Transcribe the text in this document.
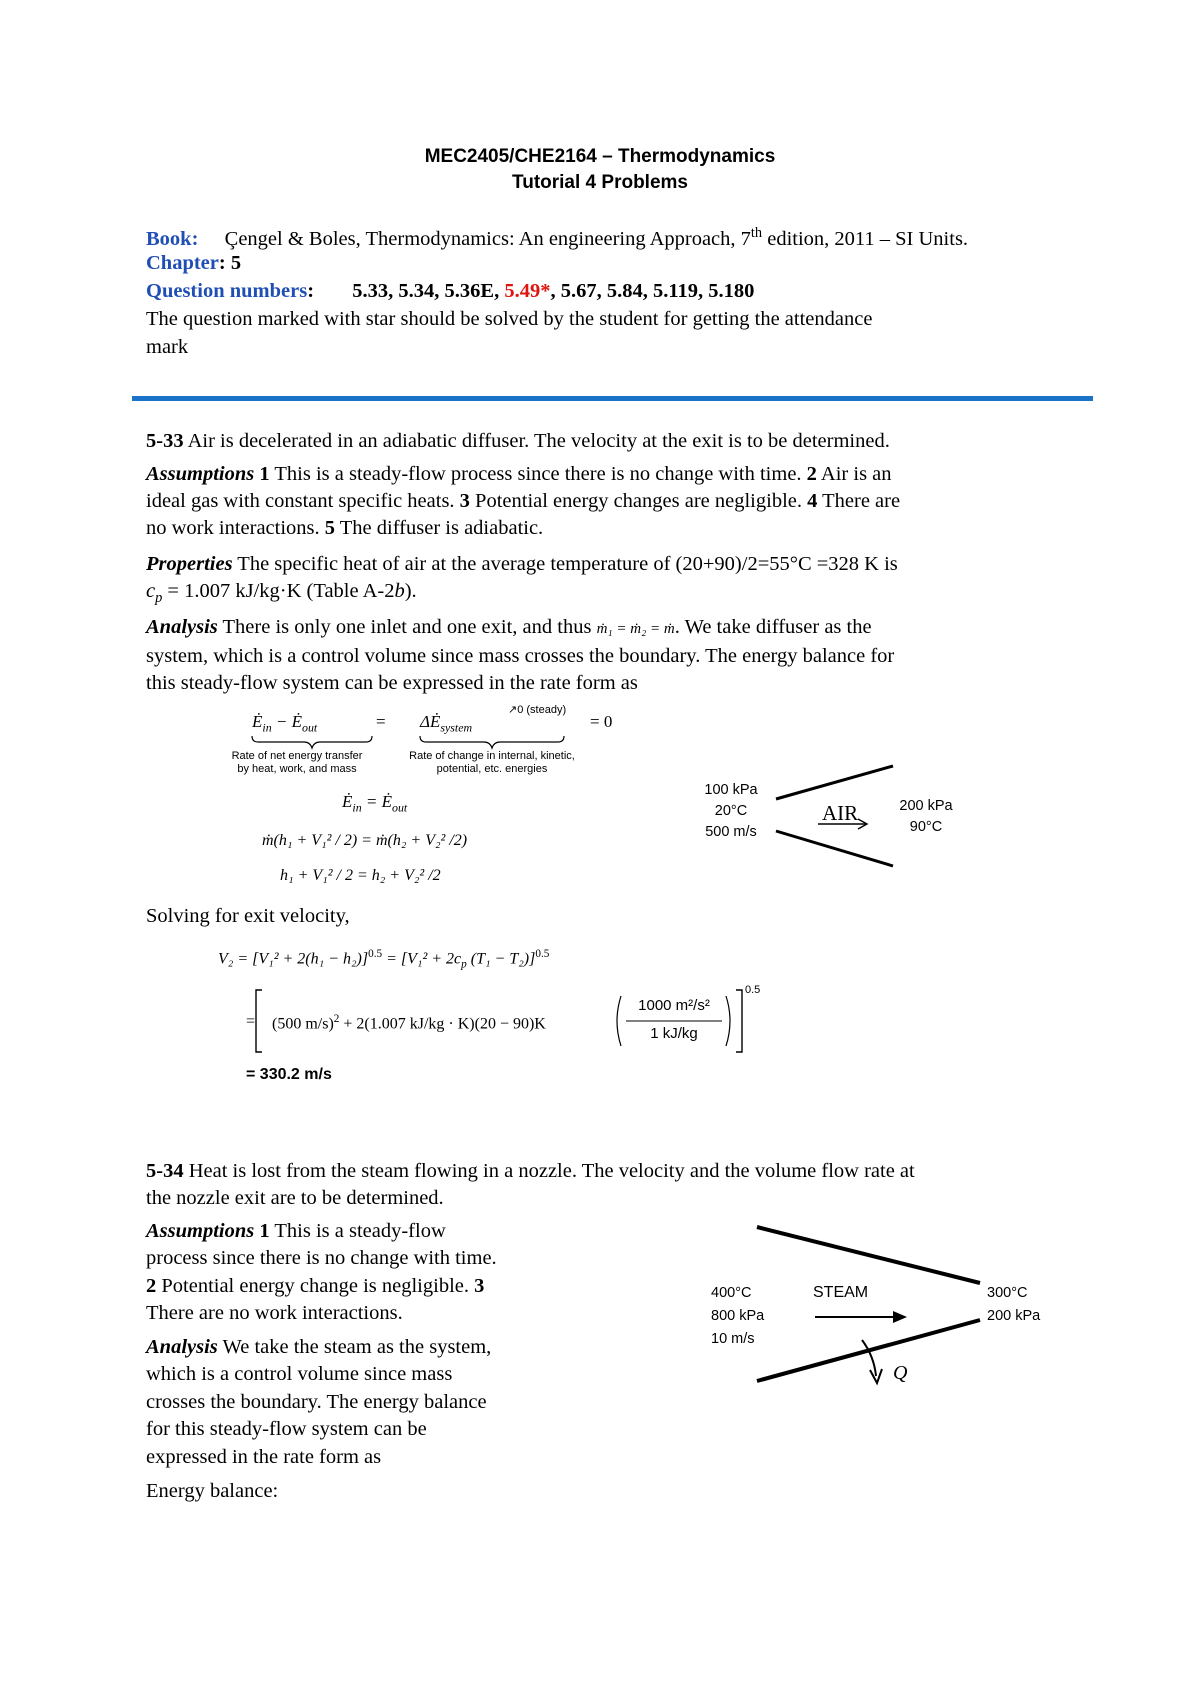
MEC2405/CHE2164 – Thermodynamics
Tutorial 4 Problems
Book: Çengel & Boles, Thermodynamics: An engineering Approach, 7th edition, 2011 – SI Units.
Chapter: 5
Question numbers: 5.33, 5.34, 5.36E, 5.49*, 5.67, 5.84, 5.119, 5.180
The question marked with star should be solved by the student for getting the attendance
mark
5-33 Air is decelerated in an adiabatic diffuser. The velocity at the exit is to be determined.
Assumptions 1 This is a steady-flow process since there is no change with time. 2 Air is an
ideal gas with constant specific heats. 3 Potential energy changes are negligible. 4 There are
no work interactions. 5 The diffuser is adiabatic.
Properties The specific heat of air at the average temperature of (20+90)/2=55°C =328 K is
$c_p = 1.007$ kJ/kg·K (Table A-2b).
Analysis There is only one inlet and one exit, and thus ṁ₁ = ṁ₂ = ṁ. We take diffuser as the
system, which is a control volume since mass crosses the boundary. The energy balance for
this steady-flow system can be expressed in the rate form as
$Ė_{in}$ − $Ė_{out}$	= $\Delta Ė_{system}$
↗0 (steady)
= 0
Rate of net energy transfer
by heat, work, and mass
Rate of change in internal, kinetic,
potential, etc. energies
$Ė_{in}$ = $Ė_{out}$
ṁ(h₁ + V₁² / 2) = ṁ(h₂ + V₂² /2)
h₁ + V₁² / 2 = h₂ + V₂² /2
100 kPa
20°C
500 m/s
AIR	200 kPa
90°C
Solving for exit velocity,
$V_2 = [V_1^2 + 2(h_1 - h_2)]^{0.5} = [V_1^2 + 2c_p$ (T₁ − T₂)]$^{0.5}$
= (500 m/s)$^2$ + 2(1.007 kJ/kg · K)(20 − 90)K
1000 m²/s²
1 kJ/kg
0.5
= 330.2 m/s
5-34 Heat is lost from the steam flowing in a nozzle. The velocity and the volume flow rate at
the nozzle exit are to be determined.
Assumptions 1 This is a steady-flow
process since there is no change with time.
2 Potential energy change is negligible. 3
There are no work interactions.
Analysis We take the steam as the system,
which is a control volume since mass
crosses the boundary. The energy balance
for this steady-flow system can be
expressed in the rate form as
Energy balance:
400°C
800 kPa
10 m/s
STEAM	300°C
200 kPa
Q
